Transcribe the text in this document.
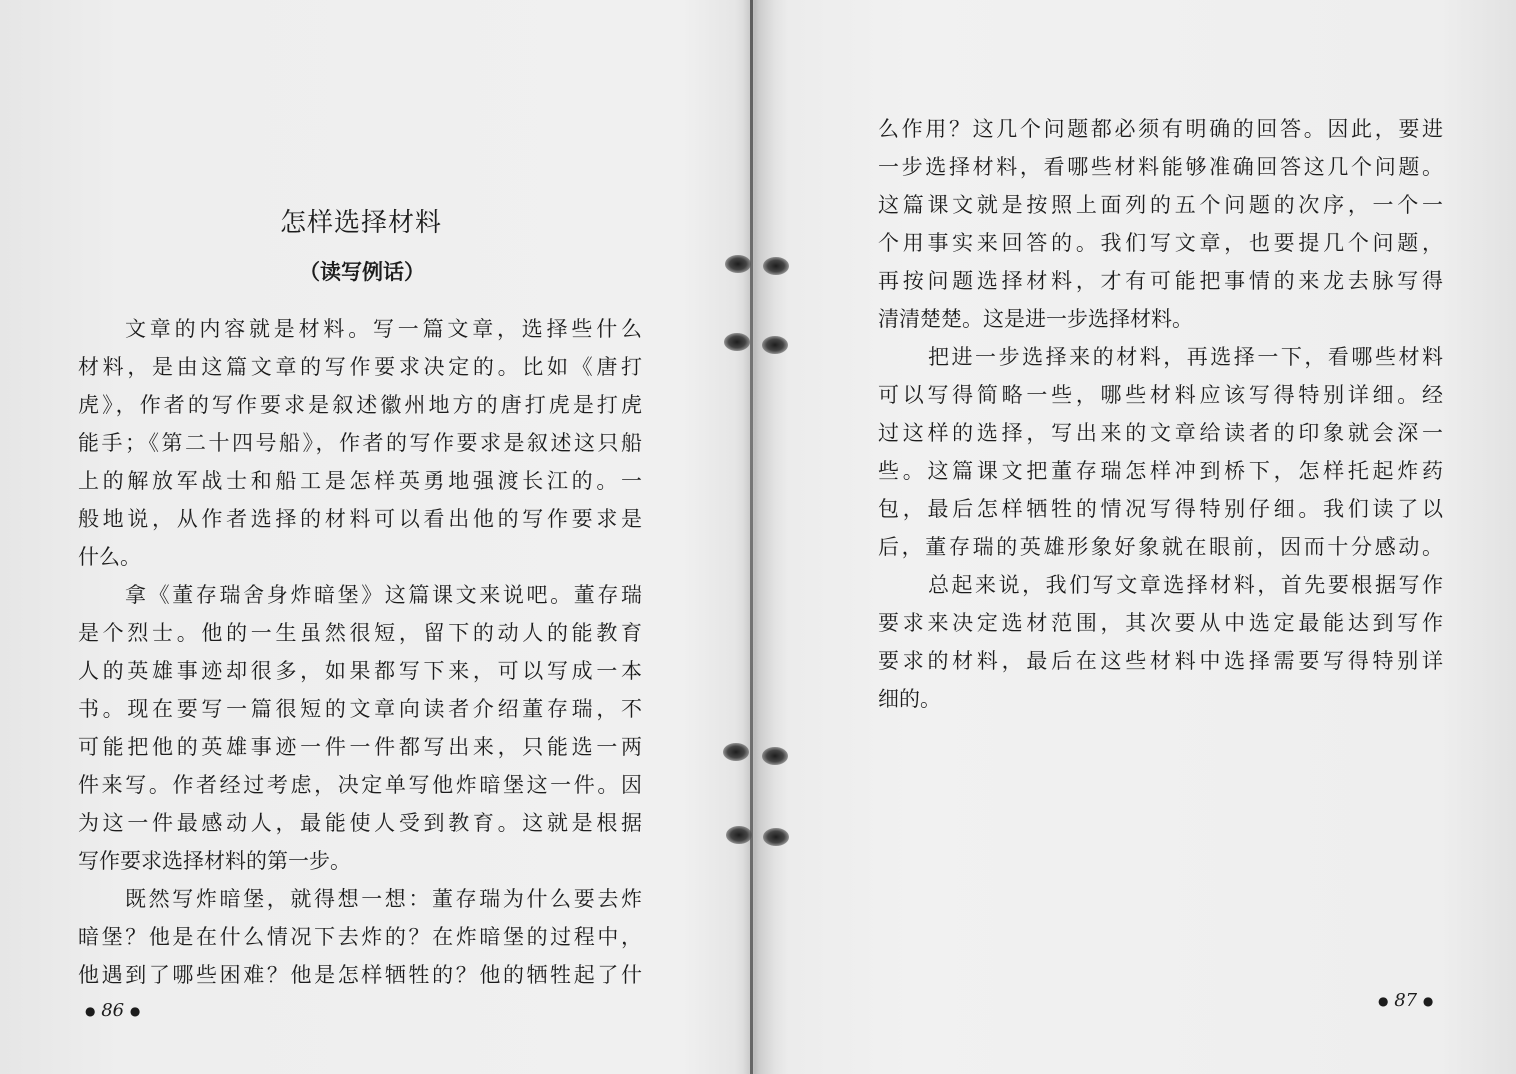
怎样选择材料
（读写例话）
文章的内容就是材料。写一篇文章，选择些什么
材料，是由这篇文章的写作要求决定的。比如《唐打
虎》，作者的写作要求是叙述徽州地方的唐打虎是打虎
能手；《第二十四号船》，作者的写作要求是叙述这只船
上的解放军战士和船工是怎样英勇地强渡长江的。一
般地说，从作者选择的材料可以看出他的写作要求是
什么。
拿《董存瑞舍身炸暗堡》这篇课文来说吧。董存瑞
是个烈士。他的一生虽然很短，留下的动人的能教育
人的英雄事迹却很多，如果都写下来，可以写成一本
书。现在要写一篇很短的文章向读者介绍董存瑞，不
可能把他的英雄事迹一件一件都写出来，只能选一两
件来写。作者经过考虑，决定单写他炸暗堡这一件。因
为这一件最感动人，最能使人受到教育。这就是根据
写作要求选择材料的第一步。
既然写炸暗堡，就得想一想：董存瑞为什么要去炸
暗堡？他是在什么情况下去炸的？在炸暗堡的过程中，
他遇到了哪些困难？他是怎样牺牲的？他的牺牲起了什
● 86 ●
么作用？这几个问题都必须有明确的回答。因此，要进
一步选择材料，看哪些材料能够准确回答这几个问题。
这篇课文就是按照上面列的五个问题的次序，一个一
个用事实来回答的。我们写文章，也要提几个问题，
再按问题选择材料，才有可能把事情的来龙去脉写得
清清楚楚。这是进一步选择材料。
把进一步选择来的材料，再选择一下，看哪些材料
可以写得简略一些，哪些材料应该写得特别详细。经
过这样的选择，写出来的文章给读者的印象就会深一
些。这篇课文把董存瑞怎样冲到桥下，怎样托起炸药
包，最后怎样牺牲的情况写得特别仔细。我们读了以
后，董存瑞的英雄形象好象就在眼前，因而十分感动。
总起来说，我们写文章选择材料，首先要根据写作
要求来决定选材范围，其次要从中选定最能达到写作
要求的材料，最后在这些材料中选择需要写得特别详
细的。
● 87 ●
